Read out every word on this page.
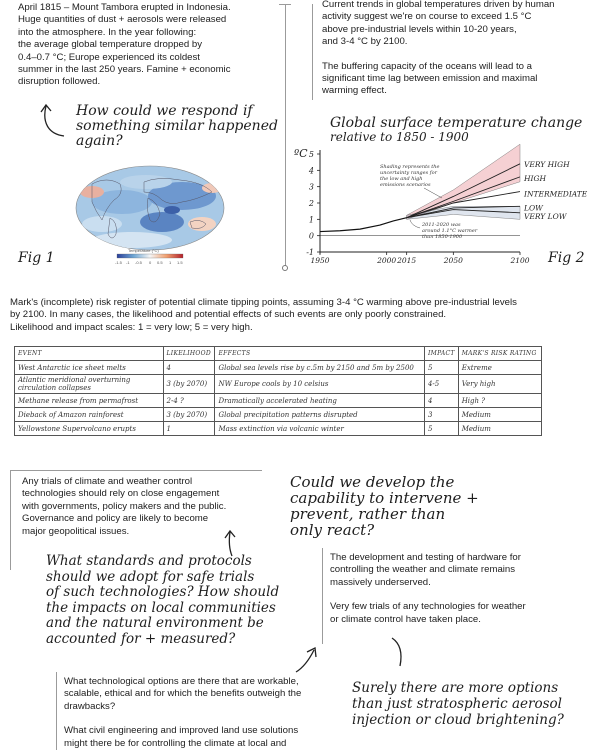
April 1815 – Mount Tambora erupted in Indonesia.

Huge quantities of dust + aerosols were released

into the atmosphere. In the year following:

the average global temperature dropped by

0.4–0.7 °C; Europe experienced its coldest

summer in the last 250 years. Famine + economic

disruption followed.

Current trends in global temperatures driven by human

activity suggest we're on course to exceed 1.5 °C

above pre-industrial levels within 10-20 years,

and 3-4 °C by 2100.

The buffering capacity of the oceans will lead to a

significant time lag between emission and maximal

warming effect.

How could we respond if
something similar happened
again?
Temperature (°C)
-1.5 -1 -0.5 0 0.5 1 1.5
Fig 1
Global surface temperature change
relative to 1850 - 1900
ºC
-1
0
1
2
3
4
5
1950	2000 2015	2050	2100
VERY HIGH
HIGH
INTERMEDIATE
LOW
VERY LOW
Shading represents the
uncertainty ranges for
the low and high
emissions scenarios
2011-2020 was
around 1.1°C warmer
than 1850-1900
Fig 2

Mark's (incomplete) risk register of potential climate tipping points, assuming 3-4 °C warming above pre-industrial levels

by 2100. In many cases, the likelihood and potential effects of such events are only poorly constrained.

Likelihood and impact scales: 1 = very low; 5 = very high.

EVENT	LIKELIHOOD	EFFECTS	IMPACT	MARK'S RISK RATING
West Antarctic ice sheet melts	4	Global sea levels rise by c.5m by 2150 and 5m by 2500	5	Extreme
Atlantic meridional overturning circulation collapses	3 (by 2070)	NW Europe cools by 10 celsius	4-5	Very high
Methane release from permafrost	2-4 ?	Dramatically accelerated heating	4	High ?
Dieback of Amazon rainforest	3 (by 2070)	Global precipitation patterns disrupted	3	Medium
Yellowstone Supervolcano erupts	1	Mass extinction via volcanic winter	5	Medium

Any trials of climate and weather control

technologies should rely on close engagement

with governments, policy makers and the public.

Governance and policy are likely to become

major geopolitical issues.

Could we develop the
capability to intervene +
prevent, rather than
only react?
What standards and protocols
should we adopt for safe trials
of such technologies? How should
the impacts on local communities
and the natural environment be
accounted for + measured?

The development and testing of hardware for

controlling the weather and climate remains

massively underserved.

Very few trials of any technologies for weather

or climate control have taken place.

What technological options are there that are workable,

scalable, ethical and for which the benefits outweigh the

drawbacks?

What civil engineering and improved land use solutions

might there be for controlling the climate at local and

Surely there are more options
than just stratospheric aerosol
injection or cloud brightening?
